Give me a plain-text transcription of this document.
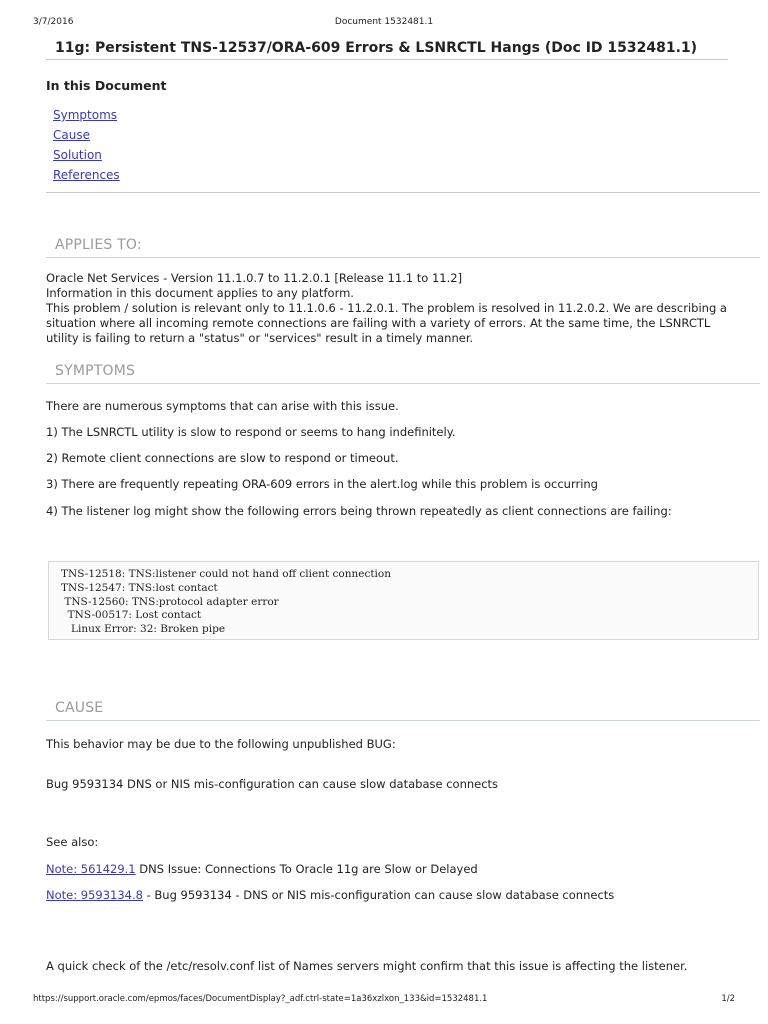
3/7/2016	Document 1532481.1
11g: Persistent TNS-12537/ORA-609 Errors & LSNRCTL Hangs (Doc ID 1532481.1)
In this Document
Symptoms
Cause
Solution
References
APPLIES TO:

Oracle Net Services - Version 11.1.0.7 to 11.2.0.1 [Release 11.1 to 11.2]

Information in this document applies to any platform.

This problem / solution is relevant only to 11.1.0.6 - 11.2.0.1. The problem is resolved in 11.2.0.2. We are describing a situation where all incoming remote connections are failing with a variety of errors. At the same time, the LSNRCTL utility is failing to return a "status" or "services" result in a timely manner.

SYMPTOMS

There are numerous symptoms that can arise with this issue.

1) The LSNRCTL utility is slow to respond or seems to hang indefinitely.

2) Remote client connections are slow to respond or timeout.

3) There are frequently repeating ORA-609 errors in the alert.log while this problem is occurring

4) The listener log might show the following errors being thrown repeatedly as client connections are failing:

TNS-12518: TNS:listener could not hand off client connection
TNS-12547: TNS:lost contact
TNS-12560: TNS:protocol adapter error
TNS-00517: Lost contact
Linux Error: 32: Broken pipe
CAUSE

This behavior may be due to the following unpublished BUG:

Bug 9593134 DNS or NIS mis-configuration can cause slow database connects

See also:

Note: 561429.1 DNS Issue: Connections To Oracle 11g are Slow or Delayed

Note: 9593134.8 - Bug 9593134 - DNS or NIS mis-configuration can cause slow database connects

A quick check of the /etc/resolv.conf list of Names servers might confirm that this issue is affecting the listener.

https://support.oracle.com/epmos/faces/DocumentDisplay?_adf.ctrl-state=1a36xzlxon_133&id=1532481.1	1/2
